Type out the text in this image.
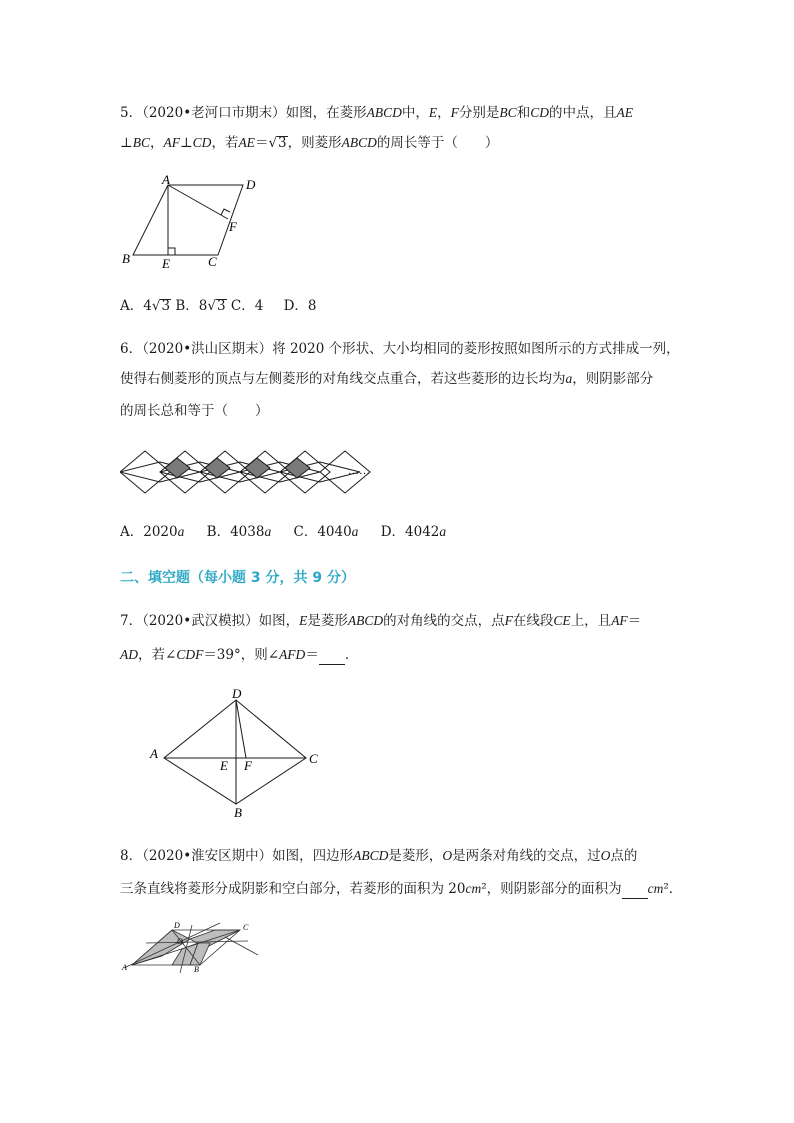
5．（2020•老河口市期末）如图，在菱形ABCD中，E，F分别是BC和CD的中点，且AE
⊥BC，AF⊥CD，若AE＝√3，则菱形ABCD的周长等于（　　）
A	D
F
B E	C
A．4√3 B．8√3 C．4 D．8
6．（2020•洪山区期末）将 2020 个形状、大小均相同的菱形按照如图所示的方式排成一列，
使得右侧菱形的顶点与左侧菱形的对角线交点重合，若这些菱形的边长均为a，则阴影部分
的周长总和等于（　　）
……
A．2020a B．4038a C．4040a D．4042a
二、填空题（每小题 3 分，共 9 分）
7．（2020•武汉模拟）如图，E是菱形ABCD的对角线的交点，点F在线段CE上，且AF＝
AD，若∠CDF＝39°，则∠AFD＝ ．
D
A
E F	C
B
8．（2020•淮安区期中）如图，四边形ABCD是菱形，O是两条对角线的交点，过O点的
三条直线将菱形分成阴影和空白部分，若菱形的面积为 20cm²，则阴影部分的面积为 cm²．
D	C
O
A	B
